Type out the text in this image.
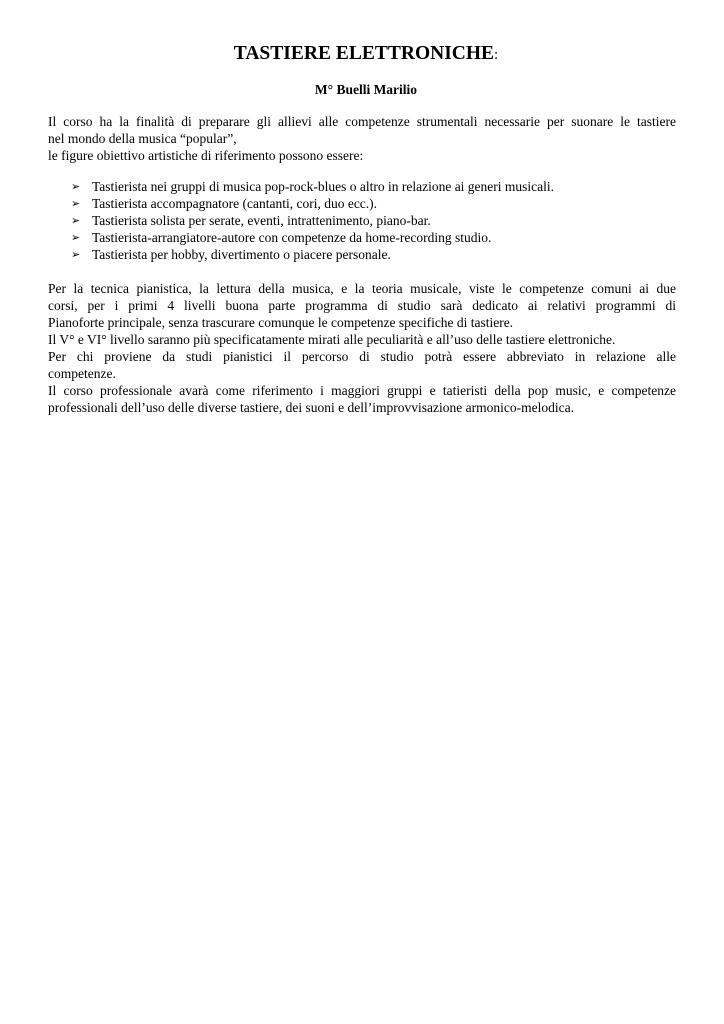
TASTIERE ELETTRONICHE:

M° Buelli Marilio

Il corso ha la finalità di preparare gli allievi alle competenze strumentali necessarie per suonare le tastiere
nel mondo della musica “popular”,
le figure obiettivo artistiche di riferimento possono essere:
➢ Tastierista nei gruppi di musica pop-rock-blues o altro in relazione ai generi musicali.
➢ Tastierista accompagnatore (cantanti, cori, duo ecc.).
➢ Tastierista solista per serate, eventi, intrattenimento, piano-bar.
➢ Tastierista-arrangiatore-autore con competenze da home-recording studio.
➢ Tastierista per hobby, divertimento o piacere personale.
Per la tecnica pianistica, la lettura della musica, e la teoria musicale, viste le competenze comuni ai due
corsi, per i primi 4 livelli buona parte programma di studio sarà dedicato ai relativi programmi di
Pianoforte principale, senza trascurare comunque le competenze specifiche di tastiere.
Il V° e VI° livello saranno più specificatamente mirati alle peculiarità e all’uso delle tastiere elettroniche.
Per chi proviene da studi pianistici il percorso di studio potrà essere abbreviato in relazione alle
competenze.
Il corso professionale avarà come riferimento i maggiori gruppi e tatieristi della pop music, e competenze
professionali dell’uso delle diverse tastiere, dei suoni e dell’improvvisazione armonico-melodica.
